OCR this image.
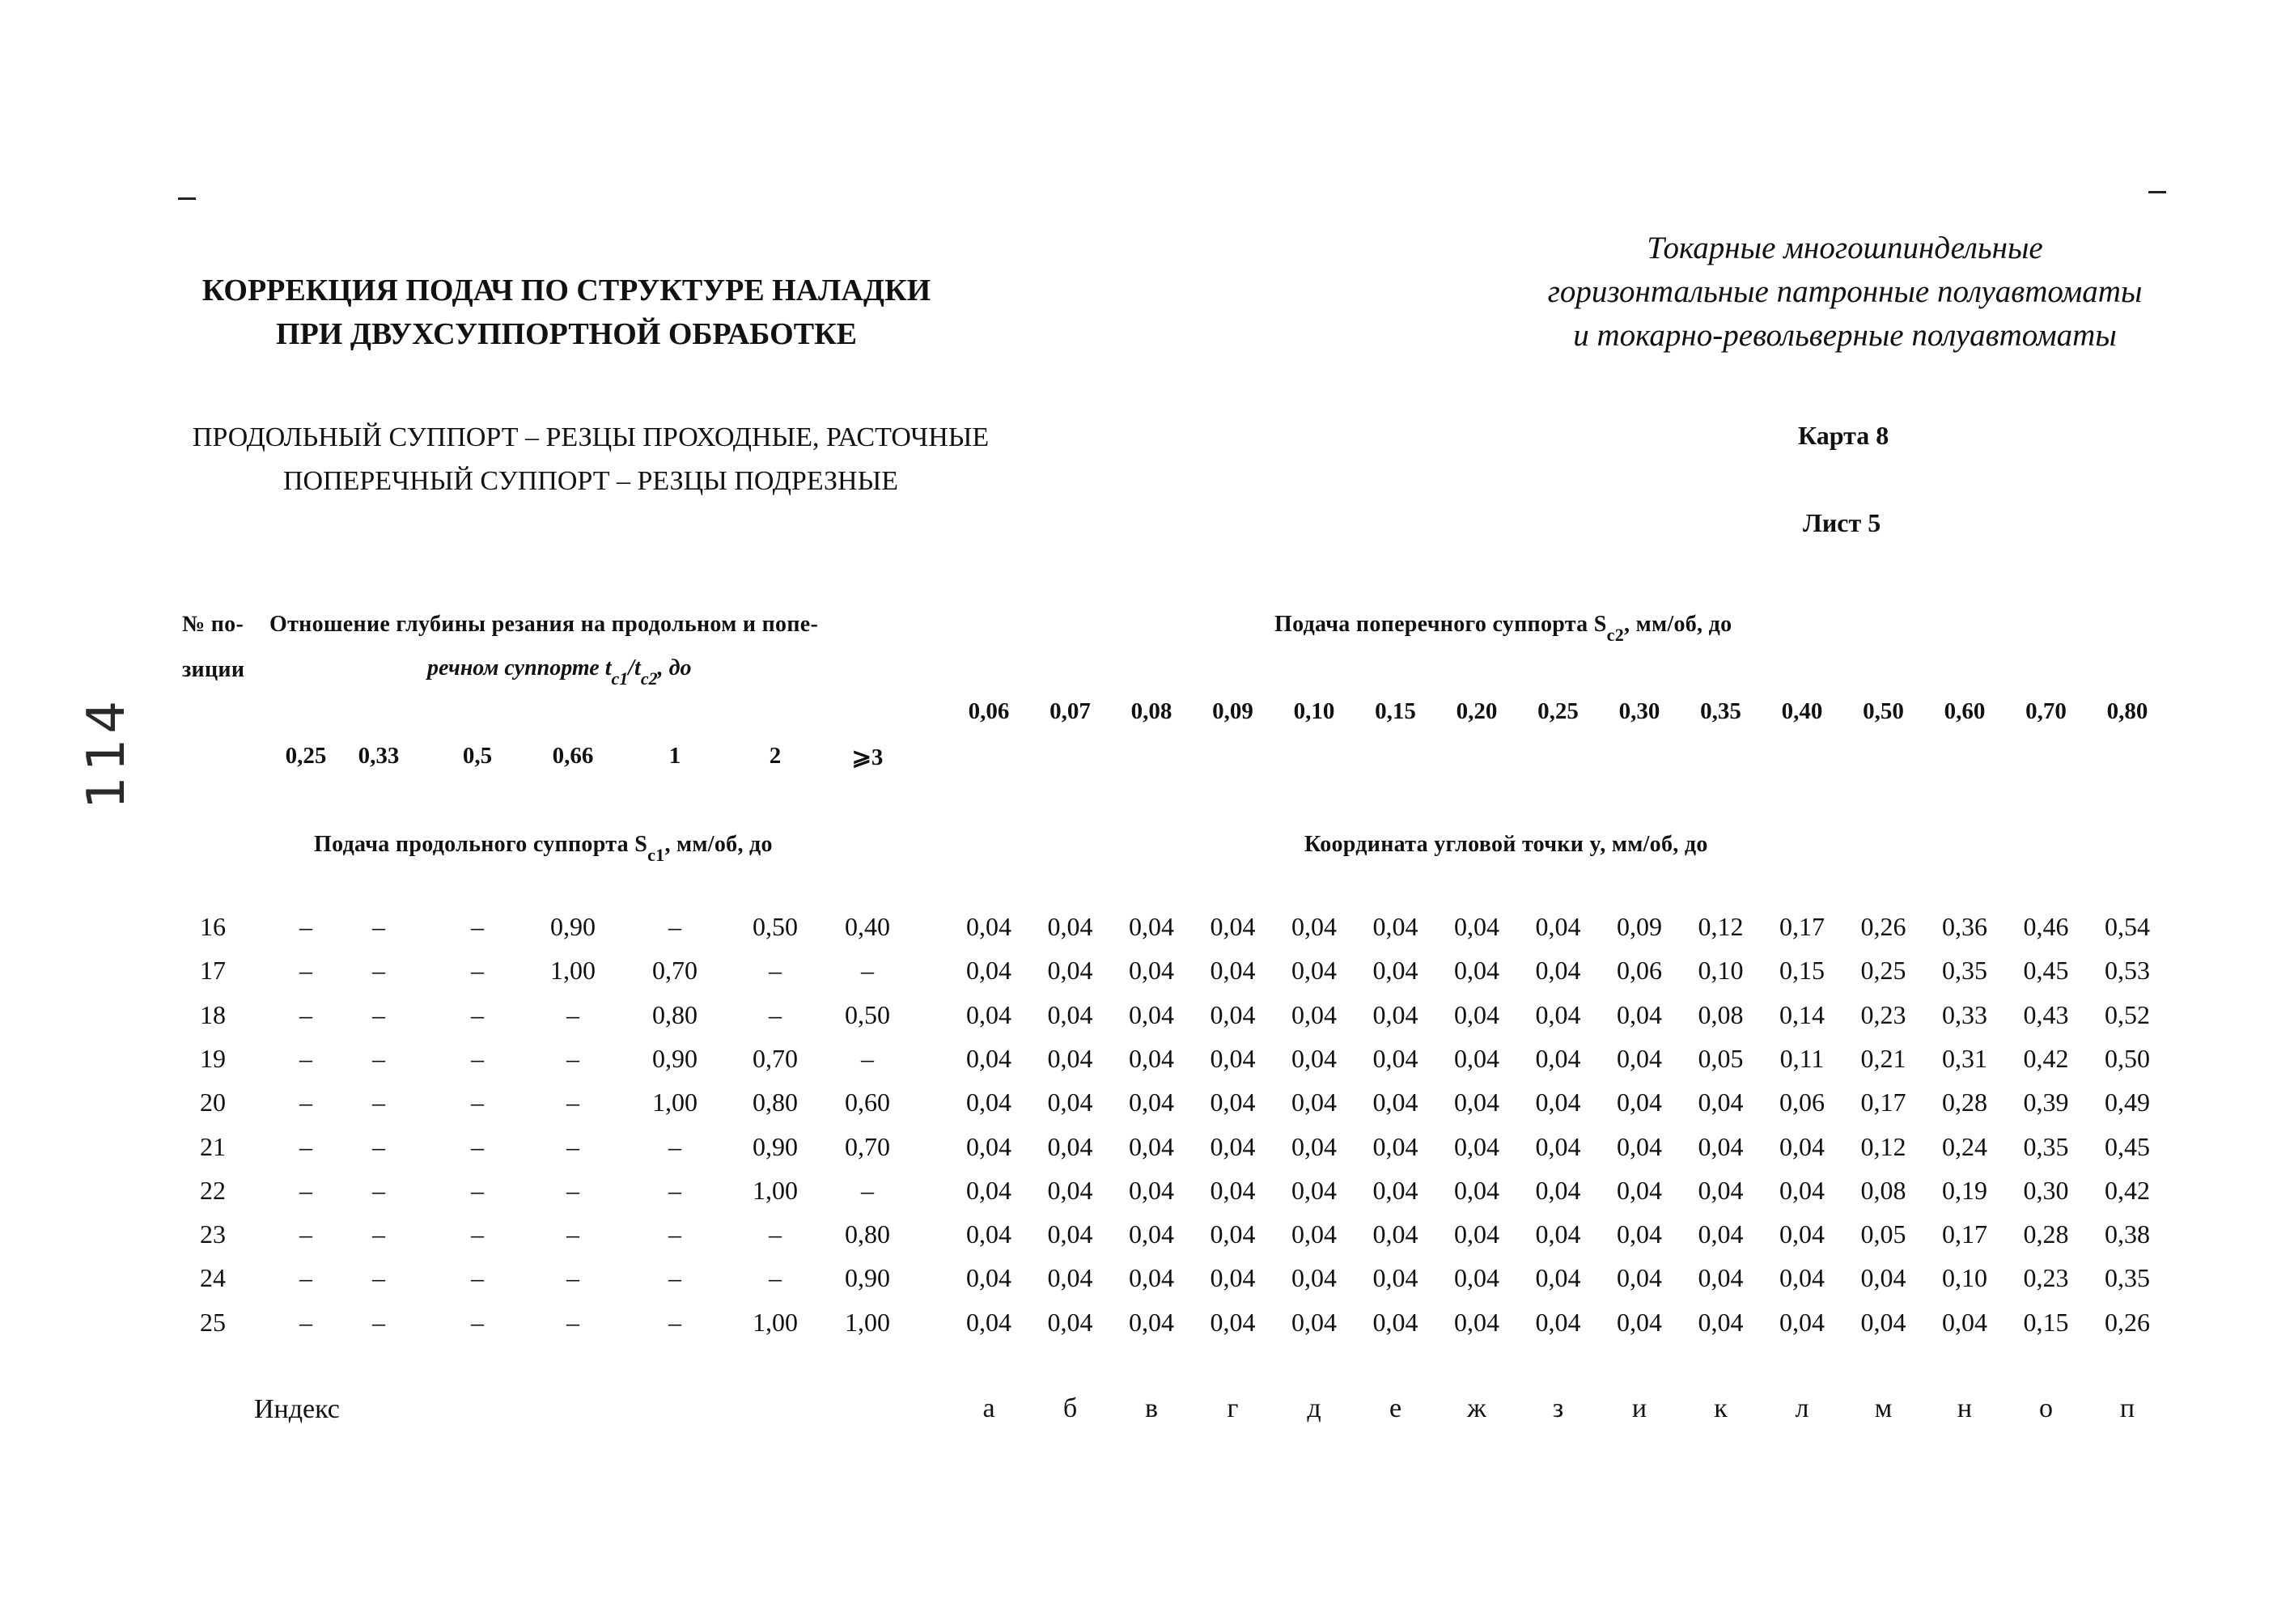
114
КОРРЕКЦИЯ ПОДАЧ ПО СТРУКТУРЕ НАЛАДКИ
ПРИ ДВУХСУППОРТНОЙ ОБРАБОТКЕ
Токарные многошпиндельные
горизонтальные патронные полуавтоматы
и токарно-револьверные полуавтоматы
ПРОДОЛЬНЫЙ СУППОРТ – РЕЗЦЫ ПРОХОДНЫЕ, РАСТОЧНЫЕ
ПОПЕРЕЧНЫЙ СУППОРТ – РЕЗЦЫ ПОДРЕЗНЫЕ
Карта 8
Лист 5
№ по-
зиции
Отношение глубины резания на продольном и попе-
речном суппорте $t_{c1}/t_{c2}$, до
Подача поперечного суппорта $S_{c2}$, мм/об, до
Подача продольного суппорта $S_{c1}$, мм/об, до	Координата угловой точки y, мм/об, до
0,25	0,33	0,5	0,66	1	2	⩾3
0,06	0,07	0,08	0,09	0,10	0,15	0,20	0,25	0,30	0,35	0,40	0,50	0,60	0,70	0,80
16	–	–	–	0,90	–	0,50	0,40	0,04	0,04	0,04	0,04	0,04	0,04	0,04	0,04	0,09	0,12	0,17	0,26	0,36	0,46	0,54
17	–	–	–	1,00	0,70	–	–	0,04	0,04	0,04	0,04	0,04	0,04	0,04	0,04	0,06	0,10	0,15	0,25	0,35	0,45	0,53
18	–	–	–	–	0,80	–	0,50	0,04	0,04	0,04	0,04	0,04	0,04	0,04	0,04	0,04	0,08	0,14	0,23	0,33	0,43	0,52
19	–	–	–	–	0,90	0,70	–	0,04	0,04	0,04	0,04	0,04	0,04	0,04	0,04	0,04	0,05	0,11	0,21	0,31	0,42	0,50
20	–	–	–	–	1,00	0,80	0,60	0,04	0,04	0,04	0,04	0,04	0,04	0,04	0,04	0,04	0,04	0,06	0,17	0,28	0,39	0,49
21	–	–	–	–	–	0,90	0,70	0,04	0,04	0,04	0,04	0,04	0,04	0,04	0,04	0,04	0,04	0,04	0,12	0,24	0,35	0,45
22	–	–	–	–	–	1,00	–	0,04	0,04	0,04	0,04	0,04	0,04	0,04	0,04	0,04	0,04	0,04	0,08	0,19	0,30	0,42
23	–	–	–	–	–	–	0,80	0,04	0,04	0,04	0,04	0,04	0,04	0,04	0,04	0,04	0,04	0,04	0,05	0,17	0,28	0,38
24	–	–	–	–	–	–	0,90	0,04	0,04	0,04	0,04	0,04	0,04	0,04	0,04	0,04	0,04	0,04	0,04	0,10	0,23	0,35
25	–	–	–	–	–	1,00	1,00	0,04	0,04	0,04	0,04	0,04	0,04	0,04	0,04	0,04	0,04	0,04	0,04	0,04	0,15	0,26
Индекс	а	б	в	г	д	е	ж	з	и	к	л	м	н	о	п
